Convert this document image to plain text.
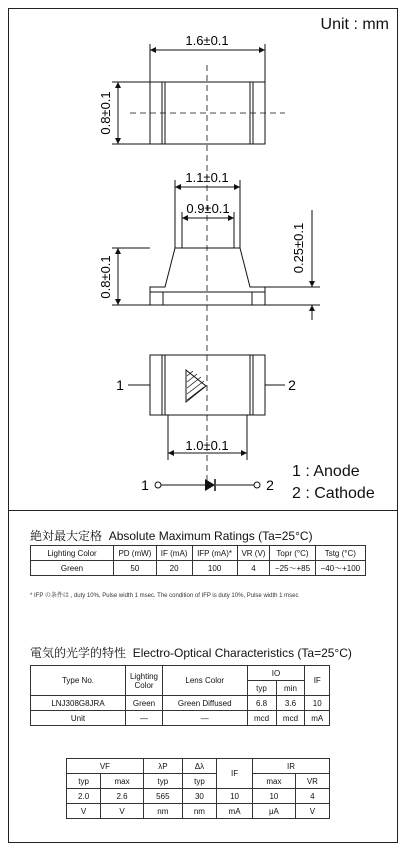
Unit : mm
1.6±0.1
0.8±0.1
1.1±0.1
0.9±0.1
0.8±0.1
0.25±0.1
1.0±0.1
1	2
1	2
1 : Anode
2 : Cathode
絶対最大定格 Absolute Maximum Ratings (Ta=25°C)
Lighting Color	PD (mW)	IF (mA)	IFP (mA)*	VR (V)	Topr (°C)	Tstg (°C)
Green	50	20	100	4	−25～+85	−40～+100
* IFP の条件は , duty 10%, Pulse width 1 msec. The condition of IFP is duty 10%, Pulse width 1 msec
電気的光学的特性 Electro-Optical Characteristics (Ta=25°C)
Type No.	Lighting Color	Lens Color	IO		IF
			typ	min	
LNJ308G8JRA	Green	Green Diffused	6.8	3.6	10
Unit	—	—	mcd	mcd	mA
VF		λP	Δλ	IF	IR	
typ	max	typ	typ		max	VR
2.0	2.6	565	30	10	10	4
V	V	nm	nm	mA	μA	V
